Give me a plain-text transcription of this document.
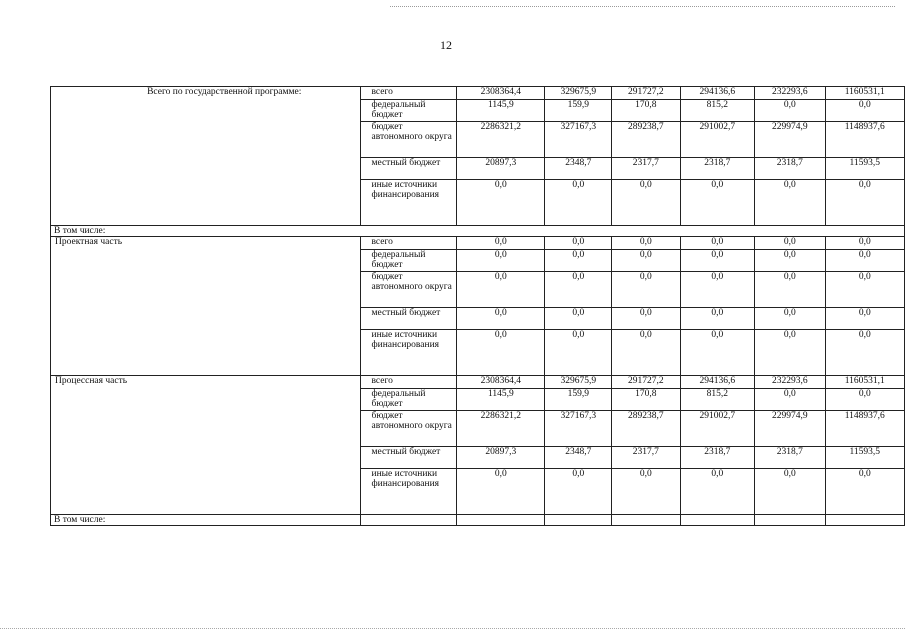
12
Всего по государственной программе:	всего	2308364,4	329675,9	291727,2	294136,6	232293,6	1160531,1
	федеральный бюджет	1145,9	159,9	170,8	815,2	0,0	0,0
	бюджет автономного округа	2286321,2	327167,3	289238,7	291002,7	229974,9	1148937,6
	местный бюджет	20897,3	2348,7	2317,7	2318,7	2318,7	11593,5
	иные источники финансирования	0,0	0,0	0,0	0,0	0,0	0,0
В том числе:							
Проектная часть	всего	0,0	0,0	0,0	0,0	0,0	0,0
	федеральный бюджет	0,0	0,0	0,0	0,0	0,0	0,0
	бюджет автономного округа	0,0	0,0	0,0	0,0	0,0	0,0
	местный бюджет	0,0	0,0	0,0	0,0	0,0	0,0
	иные источники финансирования	0,0	0,0	0,0	0,0	0,0	0,0
Процессная часть	всего	2308364,4	329675,9	291727,2	294136,6	232293,6	1160531,1
	федеральный бюджет	1145,9	159,9	170,8	815,2	0,0	0,0
	бюджет автономного округа	2286321,2	327167,3	289238,7	291002,7	229974,9	1148937,6
	местный бюджет	20897,3	2348,7	2317,7	2318,7	2318,7	11593,5
	иные источники финансирования	0,0	0,0	0,0	0,0	0,0	0,0
В том числе:							
